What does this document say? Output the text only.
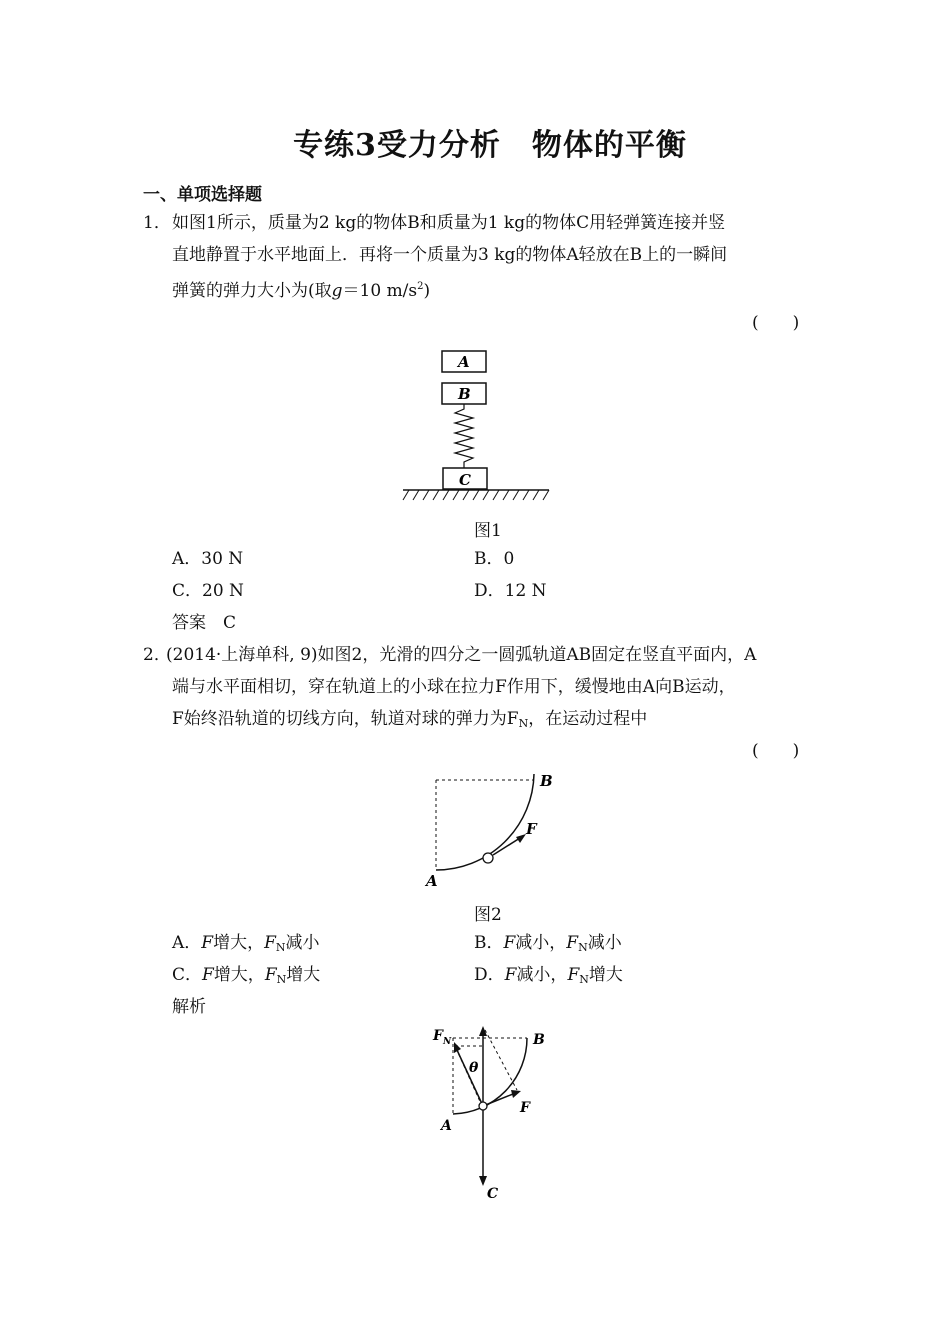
专练3受力分析　物体的平衡
一、单项选择题
1． 如图1所示，质量为2 kg的物体B和质量为1 kg的物体C用轻弹簧连接并竖
直地静置于水平地面上．再将一个质量为3 kg的物体A轻放在B上的一瞬间
弹簧的弹力大小为(取g＝10 $m/s^2$)
(　　)
A
B
C
图1
A．30 N	B．0
C．20 N	D．12 N
答案　 C
2．
(2014·上海单科, 9)如图2，光滑的四分之一圆弧轨道AB固定在竖直平面内，A
端与水平面相切，穿在轨道上的小球在拉力F作用下，缓慢地由A向B运动，
F始终沿轨道的切线方向，轨道对球的弹力为$F_N$，在运动过程中
(　　)
B
F
A
图2
A．F增大，$F_N$减小	B．F减小，$F_N$减小
C．F增大，$F_N$增大	D．F减小，$F_N$增大
解析
$F_N$
θ
B
A
F
C
